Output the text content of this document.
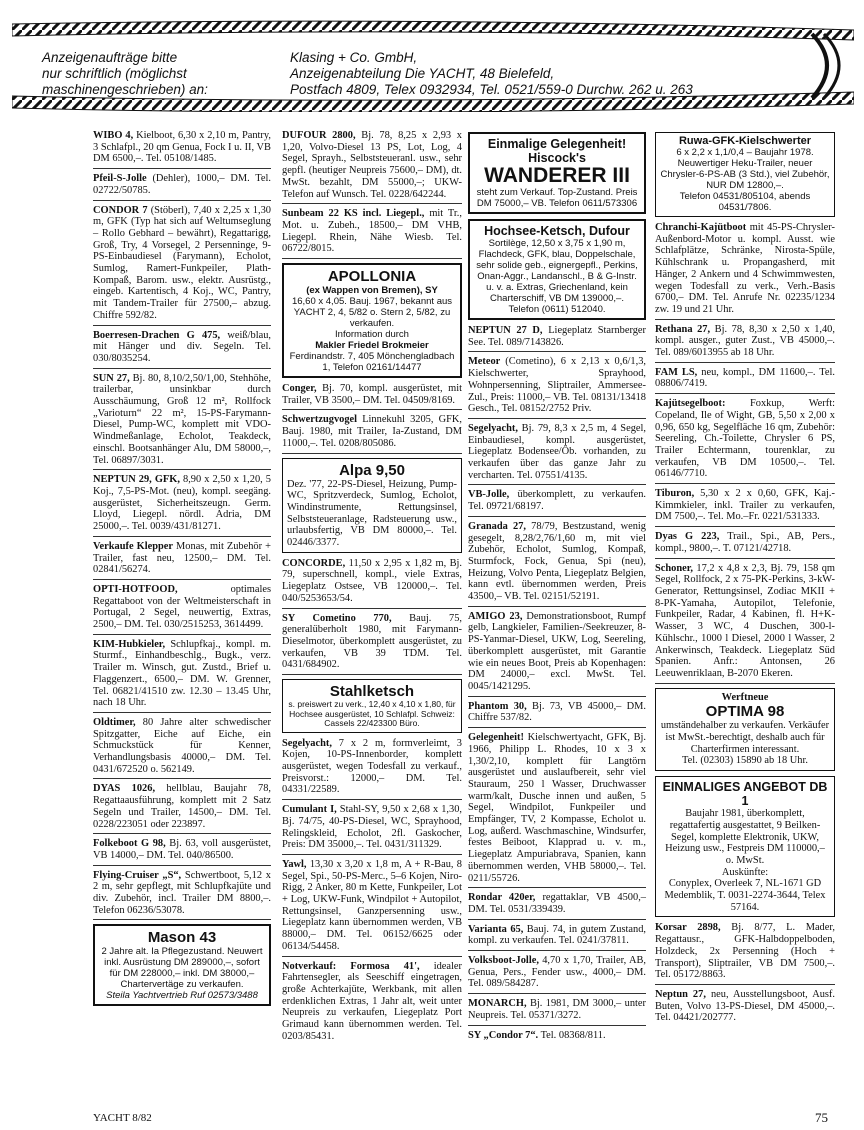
Anzeigenaufträge bitte
nur schriftlich (möglichst
maschinengeschrieben) an:
Klasing + Co. GmbH,
Anzeigenabteilung Die YACHT, 48 Bielefeld,
Postfach 4809, Telex 0932934, Tel. 0521/559-0 Durchw. 262 u. 263
WIBO 4, Kielboot, 6,30 x 2,10 m, Pantry, 3 Schlafpl., 20 qm Genua, Fock I u. II, VB DM 6500,–. Tel. 05108/1485.
Pfeil-S-Jolle (Dehler), 1000,– DM. Tel. 02722/50785.
CONDOR 7 (Stöberl), 7,40 x 2,25 x 1,30 m, GFK (Typ hat sich auf Weltumseglung – Rollo Gebhard – bewährt), Regattarigg, Groß, Try, 4 Vorsegel, 2 Persenninge, 9-PS-Einbaudiesel (Farymann), Echolot, Sumlog, Ramert-Funkpeiler, Plath-Kompaß, Barom. usw., elektr. Ausrüstg., eingeb. Kartentisch, 4 Koj., WC, Pantry, mit Tandem-Trailer für 27500,– abzug. Chiffre 592/82.
Boerresen-Drachen G 475, weiß/blau, mit Hänger und div. Segeln. Tel. 030/8035254.
SUN 27, Bj. 80, 8,10/2,50/1,00, Stehhöhe, trailerbar, unsinkbar durch Ausschäumung, Groß 12 m², Rollfock „Varioturn“ 22 m², 15-PS-Farymann-Diesel, Pump-WC, komplett mit VDO-Windmeßanlage, Echolot, Teakdeck, einschl. Bootsanhänger Alu, DM 58000,–, Tel. 06897/3031.
NEPTUN 29, GFK, 8,90 x 2,50 x 1,20, 5 Koj., 7,5-PS-Mot. (neu), kompl. seegäng. ausgerüstet, Sicherheitszeugn. Germ. Lloyd, Liegepl. nördl. Adria, DM 25000,–. Tel. 0039/431/81271.
Verkaufe Klepper Monas, mit Zubehör + Trailer, fast neu, 12500,– DM. Tel. 02841/56274.
OPTI-HOTFOOD, optimales Regattaboot von der Weltmeisterschaft in Portugal, 2 Segel, neuwertig, Extras, 2500,– DM. Tel. 030/2515253, 3614499.
KIM-Hubkieler, Schlupfkaj., kompl. m. Sturmf., Einhandbeschlg., Bugk., verz. Trailer m. Winsch, gut. Zustd., Brief u. Flaggenzert., 6500,– DM. W. Grenner, Tel. 06821/41510 zw. 12.30 – 13.45 Uhr, nach 18 Uhr.
Oldtimer, 80 Jahre alter schwedischer Spitzgatter, Eiche auf Eiche, ein Schmuckstück für Kenner, Verhandlungsbasis 40000,– DM. Tel. 0431/672520 o. 562149.
DYAS 1026, hellblau, Baujahr 78, Regattaausführung, komplett mit 2 Satz Segeln und Trailer, 14500,– DM. Tel. 0228/223051 oder 223897.
Folkeboot G 98, Bj. 63, voll ausgerüstet, VB 14000,– DM. Tel. 040/86500.
Flying-Cruiser „S“, Schwertboot, 5,12 x 2 m, sehr gepflegt, mit Schlupfkajüte und div. Zubehör, incl. Trailer DM 8800,–. Telefon 06236/53078.
Mason 43
2 Jahre alt. Ia Pflegezustand. Neuwert inkl. Ausrüstung DM 289000,–, sofort für DM 228000,– inkl. DM 38000,– Chartervertäge zu verkaufen.
Steila Yachtvertrieb Ruf 02573/3488
DUFOUR 2800, Bj. 78, 8,25 x 2,93 x 1,20, Volvo-Diesel 13 PS, Lot, Log, 4 Segel, Sprayh., Selbststeueranl. usw., sehr gepfl. (heutiger Neupreis 75600,– DM), dt. MwSt. bezahlt, DM 55000,–; UKW-Telefon auf Wunsch. Tel. 0228/642244.
Sunbeam 22 KS incl. Liegepl., mit Tr., Mot. u. Zubeh., 18500,– DM VHB, Liegepl. Rhein, Nähe Wiesb. Tel. 06722/8015.
APOLLONIA
(ex Wappen von Bremen), SY
16,60 x 4,05. Bauj. 1967, bekannt aus YACHT 2, 4, 5/82 o. Stern 2, 5/82, zu verkaufen.
Information durch
Makler Friedel Brokmeier
Ferdinandstr. 7, 405 Mönchengladbach 1, Telefon 02161/14477
Conger, Bj. 70, kompl. ausgerüstet, mit Trailer, VB 3500,– DM. Tel. 04509/8169.
Schwertzugvogel Linnekuhl 3205, GFK, Bauj. 1980, mit Trailer, Ia-Zustand, DM 11000,–. Tel. 0208/805086.
Alpa 9,50
Dez. '77, 22-PS-Diesel, Heizung, Pump-WC, Spritzverdeck, Sumlog, Echolot, Windinstrumente, Rettungsinsel, Selbststeueranlage, Radsteuerung usw., urlaubsfertig, VB DM 80000,–. Tel. 02446/3377.
CONCORDE, 11,50 x 2,95 x 1,82 m, Bj. 79, superschnell, kompl., viele Extras, Liegeplatz Ostsee, VB 120000,–. Tel. 040/5253653/54.
SY Cometino 770, Bauj. 75, generalüberholt 1980, mit Farymann-Dieselmotor, überkomplett ausgerüstet, zu verkaufen, VB 39 TDM. Tel. 0431/684902.
Stahlketsch
s. preiswert zu verk., 12,40 x 4,10 x 1,80, für Hochsee ausgerüstet, 10 Schlafpl. Schweiz: Cassels 22/423300 Büro.
Segelyacht, 7 x 2 m, formverleimt, 3 Kojen, 10-PS-Innenborder, komplett ausgerüstet, wegen Todesfall zu verkauf., Preisvorst.: 12000,– DM. Tel. 04331/22589.
Cumulant I, Stahl-SY, 9,50 x 2,68 x 1,30, Bj. 74/75, 40-PS-Diesel, WC, Sprayhood, Relingskleid, Echolot, 2fl. Gaskocher, Preis: DM 35000,–. Tel. 0431/311329.
Yawl, 13,30 x 3,20 x 1,8 m, A + R-Bau, 8 Segel, Spi., 50-PS-Merc., 5–6 Kojen, Niro-Rigg, 2 Anker, 80 m Kette, Funkpeiler, Lot + Log, UKW-Funk, Windpilot + Autopilot, Rettungsinsel, Ganzpersenning usw., Liegeplatz kann übernommen werden, VB 88000,– DM. Tel. 06152/6625 oder 06134/54458.
Notverkauf: Formosa 41', idealer Fahrtensegler, als Seeschiff eingetragen, große Achterkajüte, Werkbank, mit allen erdenklichen Extras, 1 Jahr alt, weit unter Neupreis zu verkaufen, Liegeplatz Port Grimaud kann übernommen werden. Tel. 0203/85431.
Einmalige Gelegenheit!
Hiscock's
WANDERER III
steht zum Verkauf. Top-Zustand. Preis DM 75000,– VB. Telefon 0611/573306
Hochsee-Ketsch, Dufour
Sortilège, 12,50 x 3,75 x 1,90 m, Flachdeck, GFK, blau, Doppelschale, sehr solide geb., eignergepfl., Perkins, Onan-Aggr., Landanschl., B & G-Instr. u. v. a. Extras, Griechenland, kein Charterschiff, VB DM 139000,–.
Telefon (0611) 512040.
NEPTUN 27 D, Liegeplatz Starnberger See. Tel. 089/7143826.
Meteor (Cometino), 6 x 2,13 x 0,6/1,3, Kielschwerter, Sprayhood, Wohnpersenning, Sliptrailer, Ammersee-Zul., Preis: 11000,– VB. Tel. 08131/13418 Gesch., Tel. 08152/2752 Priv.
Segelyacht, Bj. 79, 8,3 x 2,5 m, 4 Segel, Einbaudiesel, kompl. ausgerüstet, Liegeplatz Bodensee/Öb. vorhanden, zu verkaufen über das ganze Jahr zu vercharten. Tel. 07551/4135.
VB-Jolle, überkomplett, zu verkaufen. Tel. 09721/68197.
Granada 27, 78/79, Bestzustand, wenig gesegelt, 8,28/2,76/1,60 m, mit viel Zubehör, Echolot, Sumlog, Kompaß, Sturmfock, Fock, Genua, Spi (neu), Heizung, Volvo Penta, Liegeplatz Belgien, kann evtl. übernommen werden, Preis 43500,– VB. Tel. 02151/52191.
AMIGO 23, Demonstrationsboot, Rumpf gelb, Langkieler, Familien-/Seekreuzer, 8-PS-Yanmar-Diesel, UKW, Log, Seereling, überkomplett ausgerüstet, mit Garantie wie ein neues Boot, Preis ab Kopenhagen: DM 24000,– excl. MwSt. Tel. 0045/1421295.
Phantom 30, Bj. 73, VB 45000,– DM. Chiffre 537/82.
Gelegenheit! Kielschwertyacht, GFK, Bj. 1966, Philipp L. Rhodes, 10 x 3 x 1,30/2,10, komplett für Langtörn ausgerüstet und auslaufbereit, sehr viel Stauraum, 250 l Wasser, Druchwasser warm/kalt, Dusche innen und außen, 5 Segel, Windpilot, Funkpeiler und Empfänger, TV, 2 Kompasse, Echolot u. Log, außerd. Waschmaschine, Windsurfer, festes Beiboot, Klapprad u. v. m., Liegeplatz Ampuriabrava, Spanien, kann übernommen werden, VHB 58000,–. Tel. 0211/55726.
Rondar 420er, regattaklar, VB 4500,– DM. Tel. 0531/339439.
Varianta 65, Bauj. 74, in gutem Zustand, kompl. zu verkaufen. Tel. 0241/37811.
Volksboot-Jolle, 4,70 x 1,70, Trailer, AB, Genua, Pers., Fender usw., 4000,– DM. Tel. 089/584287.
MONARCH, Bj. 1981, DM 3000,– unter Neupreis. Tel. 05371/3272.
SY „Condor 7“. Tel. 08368/811.
Ruwa-GFK-Kielschwerter
6 x 2,2 x 1,1/0,4 – Baujahr 1978. Neuwertiger Heku-Trailer, neuer Chrysler-6-PS-AB (3 Std.), viel Zubehör, NUR DM 12800,–.
Telefon 04531/805104, abends 04531/7806.
Chranchi-Kajütboot mit 45-PS-Chrysler-Außenbord-Motor u. kompl. Ausst. wie Schlafplätze, Schränke, Nirosta-Spüle, Kühlschrank u. Propangasherd, mit Hänger, 2 Ankern und 4 Schwimmwesten, wegen Todesfall zu verk., Verh.-Basis 6700,– DM. Tel. Anrufe Nr. 02235/1234 zw. 19 und 21 Uhr.
Rethana 27, Bj. 78, 8,30 x 2,50 x 1,40, kompl. ausger., guter Zust., VB 45000,–. Tel. 089/6013955 ab 18 Uhr.
FAM LS, neu, kompl., DM 11600,–. Tel. 08806/7419.
Kajütsegelboot: Foxkup, Werft: Copeland, Ile of Wight, GB, 5,50 x 2,00 x 0,96, 650 kg, Segelfläche 16 qm, Zubehör: Seereling, Ch.-Toilette, Chrysler 6 PS, Trailer Echtermann, tourenklar, zu verkaufen, VB DM 10500,–. Tel. 06146/7710.
Tiburon, 5,30 x 2 x 0,60, GFK, Kaj.-Kimmkieler, inkl. Trailer zu verkaufen, DM 7500,–. Tel. Mo.–Fr. 0221/531333.
Dyas G 223, Trail., Spi., AB, Pers., kompl., 9800,–. T. 07121/42718.
Schoner, 17,2 x 4,8 x 2,3, Bj. 79, 158 qm Segel, Rollfock, 2 x 75-PK-Perkins, 3-kW-Generator, Rettungsinsel, Zodiac MKII + 8-PK-Yamaha, Autopilot, Telefonie, Funkpeiler, Radar, 4 Kabinen, fl. H+K-Wasser, 3 WC, 4 Duschen, 300-l-Kühlschr., 1000 l Diesel, 2000 l Wasser, 2 Ankerwinsch, Teakdeck. Liegeplatz Süd Spanien. Anfr.: Antonsen, 26 Leeuwenriklaan, B-2070 Ekeren.
Werftneue
OPTIMA 98
umständehalber zu verkaufen. Verkäufer ist MwSt.-berechtigt, deshalb auch für Charterfirmen interessant.
Tel. (02303) 15890 ab 18 Uhr.
EINMALIGES ANGEBOT DB 1
Baujahr 1981, überkomplett, regattafertig ausgestattet, 9 Beilken-Segel, komplette Elektronik, UKW, Heizung usw., Festpreis DM 110000,– o. MwSt.
Auskünfte:
Conyplex, Overleek 7, NL-1671 GD Medemblik, T. 0031-2274-3644, Telex 57164.
Korsar 2898, Bj. 8/77, L. Mader, Regattausr., GFK-Halbdoppelboden, Holzdeck, 2x Persenning (Hoch + Transport), Sliptrailer, VB DM 7500,–. Tel. 05172/8863.
Neptun 27, neu, Ausstellungsboot, Ausf. Buten, Volvo 13-PS-Diesel, DM 45000,–. Tel. 04421/202777.
YACHT 8/82	75
